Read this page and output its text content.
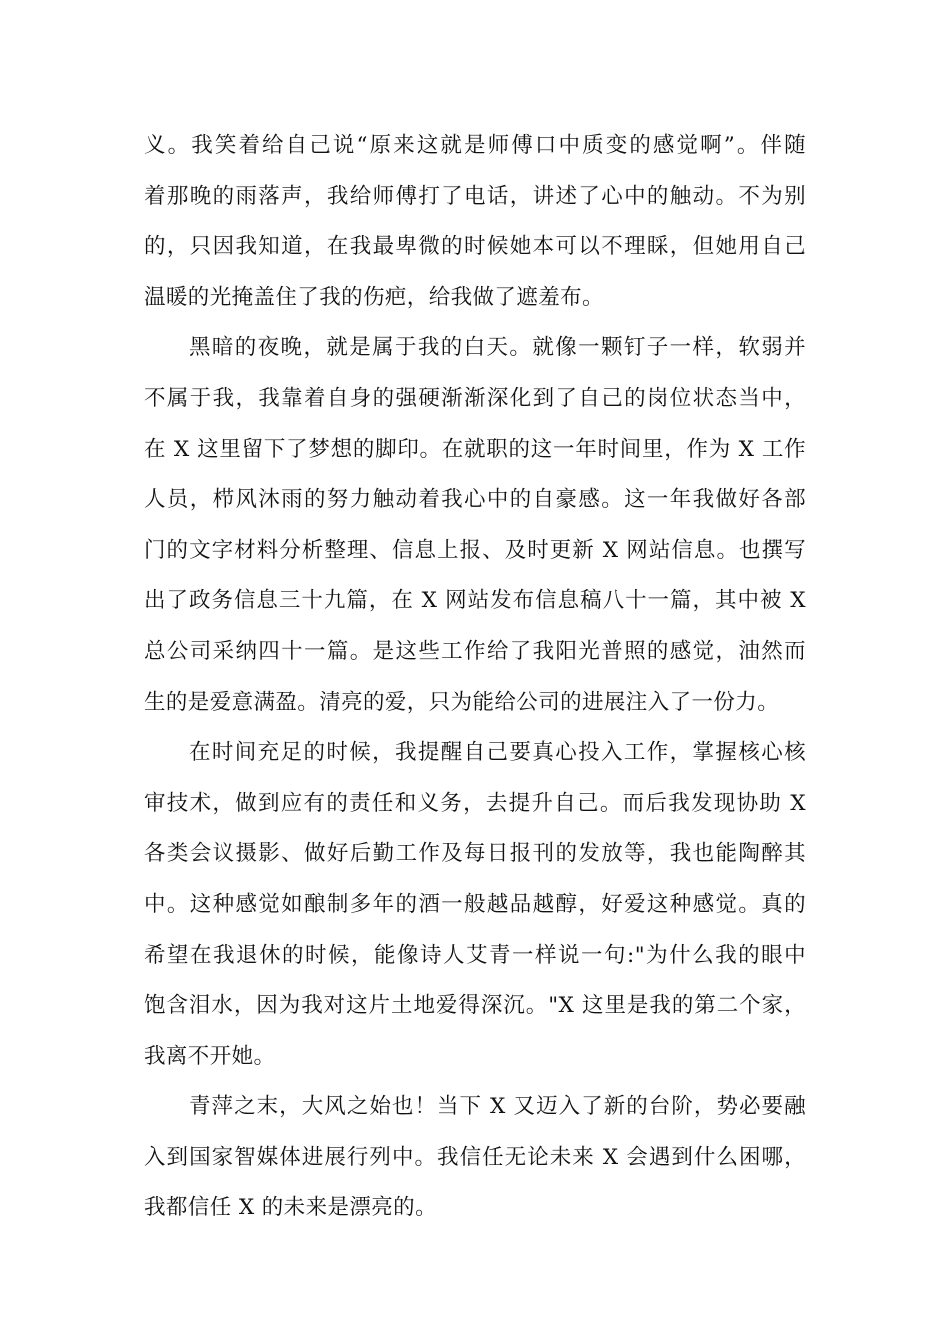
义。我笑着给自己说“原来这就是师傅口中质变的感觉啊”。伴随
着那晚的雨落声，我给师傅打了电话，讲述了心中的触动。不为别
的，只因我知道，在我最卑微的时候她本可以不理睬，但她用自己
温暖的光掩盖住了我的伤疤，给我做了遮羞布。
黑暗的夜晚，就是属于我的白天。就像一颗钉子一样，软弱并
不属于我，我靠着自身的强硬渐渐深化到了自己的岗位状态当中，
在 X 这里留下了梦想的脚印。在就职的这一年时间里，作为 X 工作
人员，栉风沐雨的努力触动着我心中的自豪感。这一年我做好各部
门的文字材料分析整理、信息上报、及时更新 X 网站信息。也撰写
出了政务信息三十九篇，在 X 网站发布信息稿八十一篇，其中被 X
总公司采纳四十一篇。是这些工作给了我阳光普照的感觉，油然而
生的是爱意满盈。清亮的爱，只为能给公司的进展注入了一份力。
在时间充足的时候，我提醒自己要真心投入工作，掌握核心核
审技术，做到应有的责任和义务，去提升自己。而后我发现协助 X
各类会议摄影、做好后勤工作及每日报刊的发放等，我也能陶醉其
中。这种感觉如酿制多年的酒一般越品越醇，好爱这种感觉。真的
希望在我退休的时候，能像诗人艾青一样说一句:"为什么我的眼中
饱含泪水，因为我对这片土地爱得深沉。"X 这里是我的第二个家，
我离不开她。
青萍之末，大风之始也！当下 X 又迈入了新的台阶，势必要融
入到国家智媒体进展行列中。我信任无论未来 X 会遇到什么困哪，
我都信任 X 的未来是漂亮的。
